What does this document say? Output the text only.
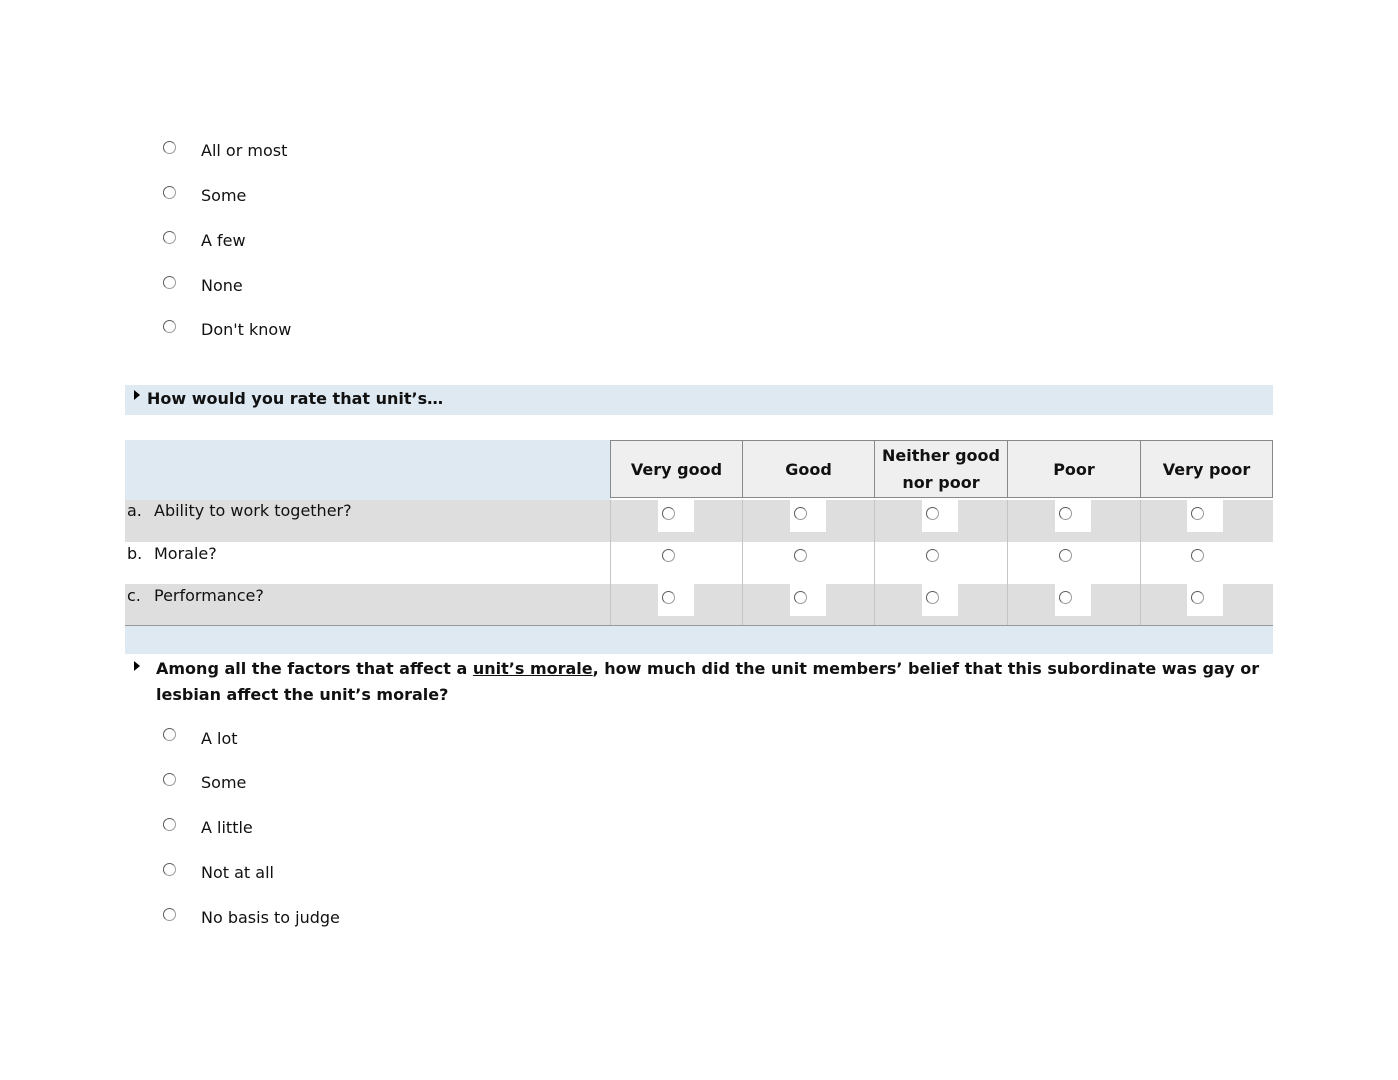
All or most
Some
A few
None
Don't know
How would you rate that unit’s…
Very good	Good
Neither good nor poor
Poor	Very poor
a. Ability to work together?
b. Morale?
c. Performance?
Among all the factors that affect a unit’s morale, how much did the unit members’ belief that this subordinate was gay or lesbian affect the unit’s morale?
A lot
Some
A little
Not at all
No basis to judge
